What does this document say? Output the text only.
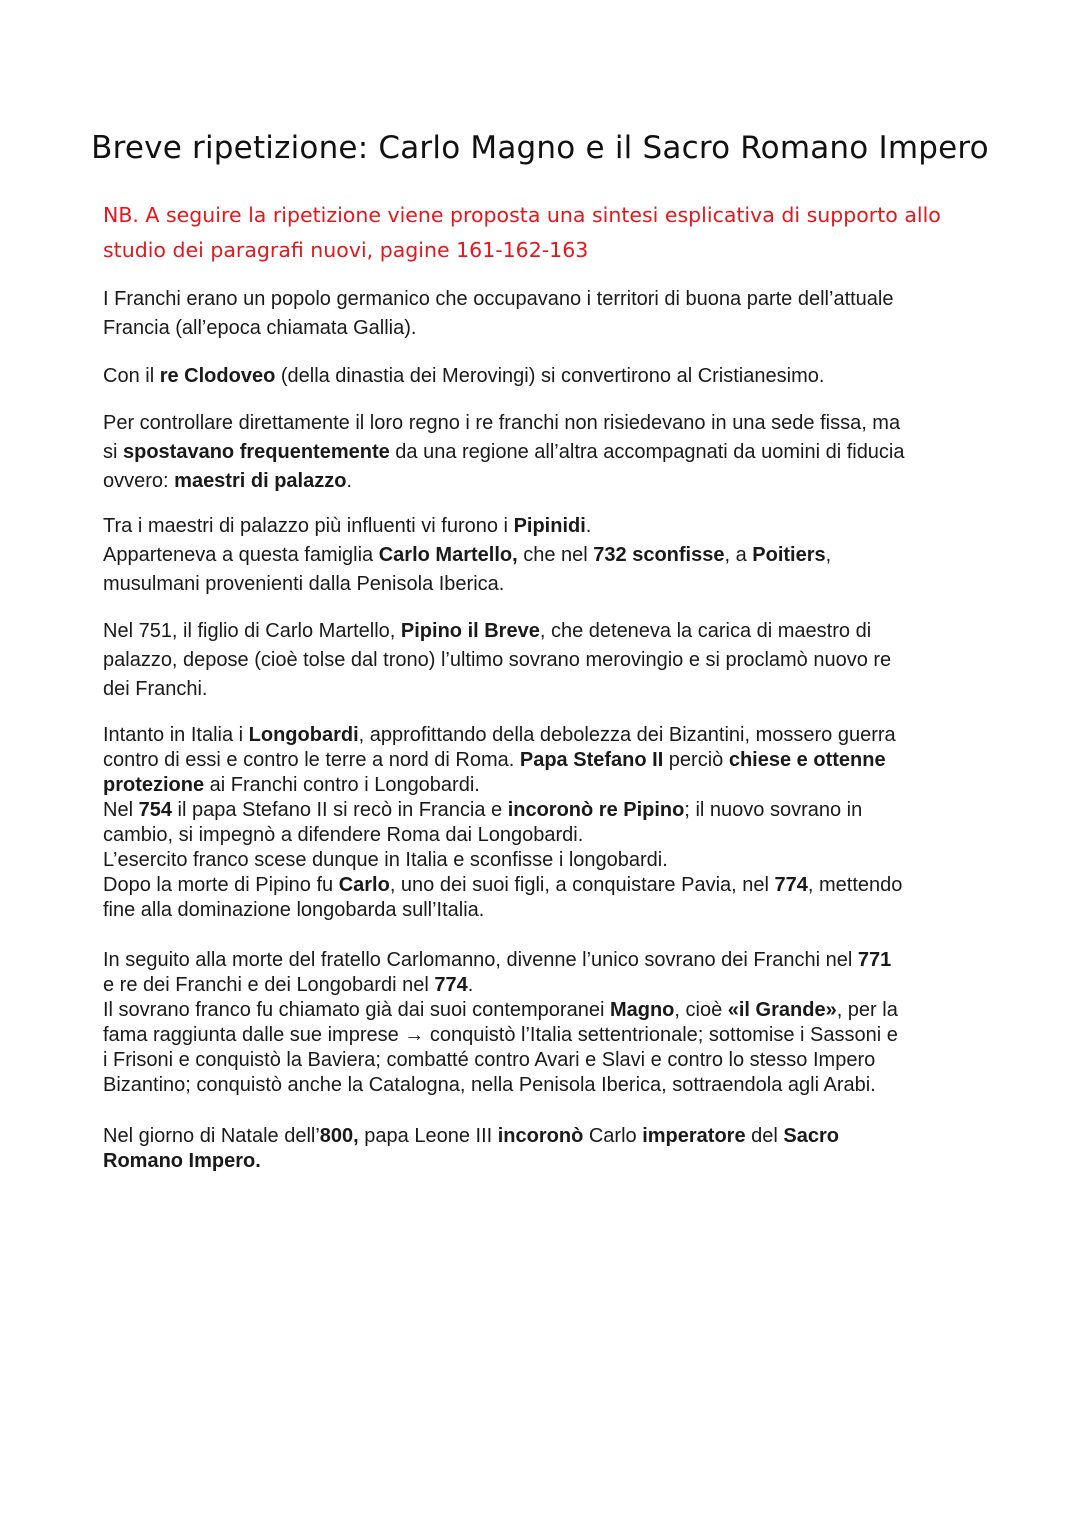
Breve ripetizione: Carlo Magno e il Sacro Romano Impero

NB. A seguire la ripetizione viene proposta una sintesi esplicativa di supporto allo
studio dei paragrafi nuovi, pagine 161-162-163

I Franchi erano un popolo germanico che occupavano i territori di buona parte dell’attuale
Francia (all’epoca chiamata Gallia).

Con il re Clodoveo (della dinastia dei Merovingi) si convertirono al Cristianesimo.

Per controllare direttamente il loro regno i re franchi non risiedevano in una sede fissa, ma
si spostavano frequentemente da una regione all’altra accompagnati da uomini di fiducia
ovvero: maestri di palazzo.

Tra i maestri di palazzo più influenti vi furono i Pipinidi.
Apparteneva a questa famiglia Carlo Martello, che nel 732 sconfisse, a Poitiers,
musulmani provenienti dalla Penisola Iberica.

Nel 751, il figlio di Carlo Martello, Pipino il Breve, che deteneva la carica di maestro di
palazzo, depose (cioè tolse dal trono) l’ultimo sovrano merovingio e si proclamò nuovo re
dei Franchi.

Intanto in Italia i Longobardi, approfittando della debolezza dei Bizantini, mossero guerra
contro di essi e contro le terre a nord di Roma. Papa Stefano II perciò chiese e ottenne
protezione ai Franchi contro i Longobardi.
Nel 754 il papa Stefano II si recò in Francia e incoronò re Pipino; il nuovo sovrano in
cambio, si impegnò a difendere Roma dai Longobardi.
L’esercito franco scese dunque in Italia e sconfisse i longobardi.
Dopo la morte di Pipino fu Carlo, uno dei suoi figli, a conquistare Pavia, nel 774, mettendo
fine alla dominazione longobarda sull’Italia.

In seguito alla morte del fratello Carlomanno, divenne l’unico sovrano dei Franchi nel 771
e re dei Franchi e dei Longobardi nel 774.
Il sovrano franco fu chiamato già dai suoi contemporanei Magno, cioè «il Grande», per la
fama raggiunta dalle sue imprese → conquistò l’Italia settentrionale; sottomise i Sassoni e
i Frisoni e conquistò la Baviera; combatté contro Avari e Slavi e contro lo stesso Impero
Bizantino; conquistò anche la Catalogna, nella Penisola Iberica, sottraendola agli Arabi.

Nel giorno di Natale dell’800, papa Leone III incoronò Carlo imperatore del Sacro
Romano Impero.
